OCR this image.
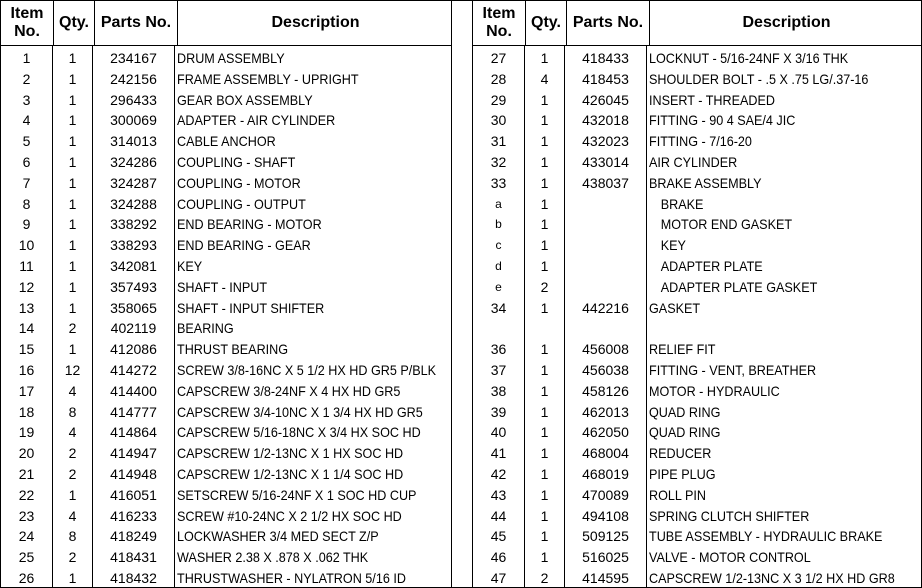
Item
No.
Qty. Parts No.	Description
1
2
3
4
5
6
7
8
9
10
11
12
13
14
15
16
17
18
19
20
21
22
23
24
25
26
1
1
1
1
1
1
1
1
1
1
1
1
1
2
1
12
4
8
4
2
2
1
4
8
2
1
234167
242156
296433
300069
314013
324286
324287
324288
338292
338293
342081
357493
358065
402119
412086
414272
414400
414777
414864
414947
414948
416051
416233
418249
418431
418432
DRUM ASSEMBLY
FRAME ASSEMBLY - UPRIGHT
GEAR BOX ASSEMBLY
ADAPTER - AIR CYLINDER
CABLE ANCHOR
COUPLING - SHAFT
COUPLING - MOTOR
COUPLING - OUTPUT
END BEARING - MOTOR
END BEARING - GEAR
KEY
SHAFT - INPUT
SHAFT - INPUT SHIFTER
BEARING
THRUST BEARING
SCREW 3/8-16NC X 5 1/2 HX HD GR5 P/BLK
CAPSCREW 3/8-24NF X 4 HX HD GR5
CAPSCREW 3/4-10NC X 1 3/4 HX HD GR5
CAPSCREW 5/16-18NC X 3/4 HX SOC HD
CAPSCREW 1/2-13NC X 1 HX SOC HD
CAPSCREW 1/2-13NC X 1 1/4 SOC HD
SETSCREW 5/16-24NF X 1 SOC HD CUP
SCREW #10-24NC X 2 1/2 HX SOC HD
LOCKWASHER 3/4 MED SECT Z/P
WASHER 2.38 X .878 X .062 THK
THRUSTWASHER - NYLATRON 5/16 ID
Item
No.
Qty. Parts No.	Description
27
28
29
30
31
32
33
a
b
c
d
e
34
36
37
38
39
40
41
42
43
44
45
46
47
1
4
1
1
1
1
1
1
1
1
1
2
1
1
1
1
1
1
1
1
1
1
1
1
2
418433
418453
426045
432018
432023
433014
438037
442216
456008
456038
458126
462013
462050
468004
468019
470089
494108
509125
516025
414595
LOCKNUT - 5/16-24NF X 3/16 THK
SHOULDER BOLT - .5 X .75 LG/.37-16
INSERT - THREADED
FITTING - 90 4 SAE/4 JIC
FITTING - 7/16-20
AIR CYLINDER
BRAKE ASSEMBLY
BRAKE
MOTOR END GASKET
KEY
ADAPTER PLATE
ADAPTER PLATE GASKET
GASKET
RELIEF FIT
FITTING - VENT, BREATHER
MOTOR - HYDRAULIC
QUAD RING
QUAD RING
REDUCER
PIPE PLUG
ROLL PIN
SPRING CLUTCH SHIFTER
TUBE ASSEMBLY - HYDRAULIC BRAKE
VALVE - MOTOR CONTROL
CAPSCREW 1/2-13NC X 3 1/2 HX HD GR8
